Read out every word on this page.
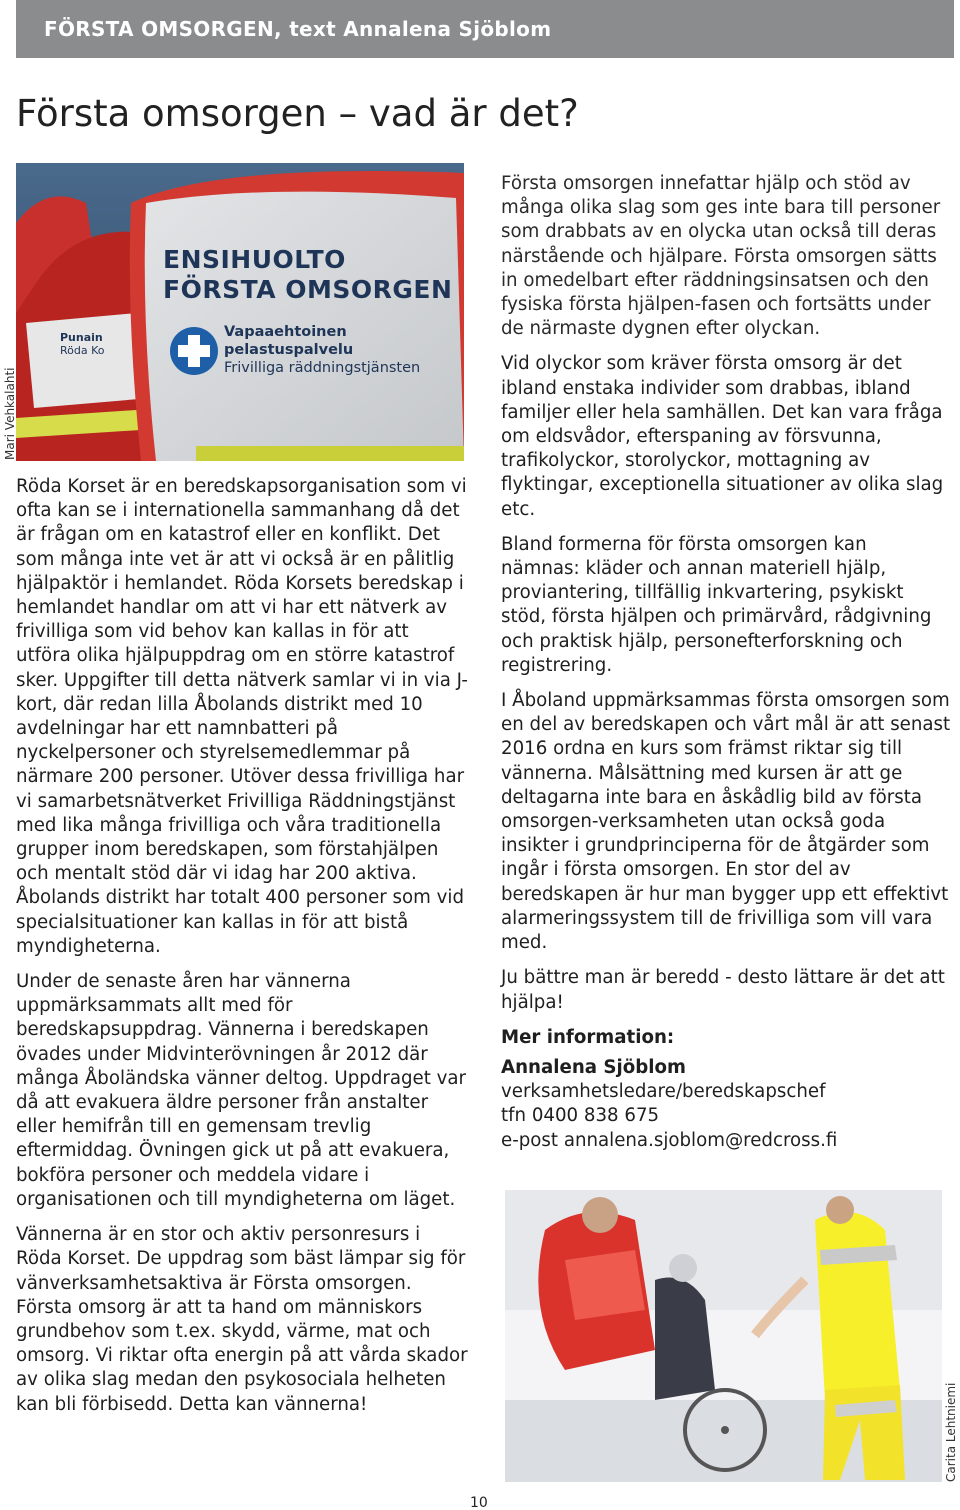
FÖRSTA OMSORGEN, text Annalena Sjöblom
Första omsorgen – vad är det?
ENSIHUOLTO
FÖRSTA OMSORGEN
Vapaaehtoinen
pelastuspalvelu
Frivilliga räddningstjänsten
Punain
Röda Ko
Mari Vehkalahti

Röda Korset är en beredskapsorganisation som vi ofta kan se i internationella sammanhang då det är frågan om en katastrof eller en konflikt. Det som många inte vet är att vi också är en pålitlig hjälpaktör i hemlandet. Röda Korsets beredskap i hemlandet handlar om att vi har ett nätverk av frivilliga som vid behov kan kallas in för att utföra olika hjälpuppdrag om en större katastrof sker. Uppgifter till detta nätverk samlar vi in via J-kort, där redan lilla Åbolands distrikt med 10 avdelningar har ett namnbatteri på nyckelpersoner och styrelsemedlemmar på närmare 200 personer. Utöver dessa frivilliga har vi samarbetsnätverket Frivilliga Räddningstjänst med lika många frivilliga och våra traditionella grupper inom beredskapen, som förstahjälpen och mentalt stöd där vi idag har 200 aktiva. Åbolands distrikt har totalt 400 personer som vid specialsituationer kan kallas in för att bistå myndigheterna.

Under de senaste åren har vännerna uppmärksammats allt med för beredskapsuppdrag. Vännerna i beredskapen övades under Midvinterövningen år 2012 där många Åboländska vänner deltog. Uppdraget var då att evakuera äldre personer från anstalter eller hemifrån till en gemensam trevlig eftermiddag. Övningen gick ut på att evakuera, bokföra personer och meddela vidare i organisationen och till myndigheterna om läget.

Vännerna är en stor och aktiv personresurs i Röda Korset. De uppdrag som bäst lämpar sig för vänverksamhetsaktiva är Första omsorgen. Första omsorg är att ta hand om människors grundbehov som t.ex. skydd, värme, mat och omsorg. Vi riktar ofta energin på att vårda skador av olika slag medan den psykosociala helheten kan bli förbisedd. Detta kan vännerna!

Första omsorgen innefattar hjälp och stöd av många olika slag som ges inte bara till personer som drabbats av en olycka utan också till deras närstående och hjälpare. Första omsorgen sätts in omedelbart efter räddningsinsatsen och den fysiska första hjälpen-fasen och fortsätts under de närmaste dygnen efter olyckan.

Vid olyckor som kräver första omsorg är det ibland enstaka individer som drabbas, ibland familjer eller hela samhällen. Det kan vara fråga om eldsvådor, efterspaning av försvunna, trafikolyckor, storolyckor, mottagning av flyktingar, exceptionella situationer av olika slag etc.

Bland formerna för första omsorgen kan nämnas: kläder och annan materiell hjälp, proviantering, tillfällig inkvartering, psykiskt stöd, första hjälpen och primärvård, rådgivning och praktisk hjälp, personefterforskning och registrering.

I Åboland uppmärksammas första omsorgen som en del av beredskapen och vårt mål är att senast 2016 ordna en kurs som främst riktar sig till vännerna. Målsättning med kursen är att ge deltagarna inte bara en åskådlig bild av första omsorgen-verksamheten utan också goda insikter i grundprinciperna för de åtgärder som ingår i första omsorgen. En stor del av beredskapen är hur man bygger upp ett effektivt alarmeringssystem till de frivilliga som vill vara med.

Ju bättre man är beredd - desto lättare är det att hjälpa!

Mer information:

Annalena Sjöblom
verksamhetsledare/beredskapschef
tfn 0400 838 675
e-post annalena.sjoblom@redcross.fi
Carita Lehtniemi
10
